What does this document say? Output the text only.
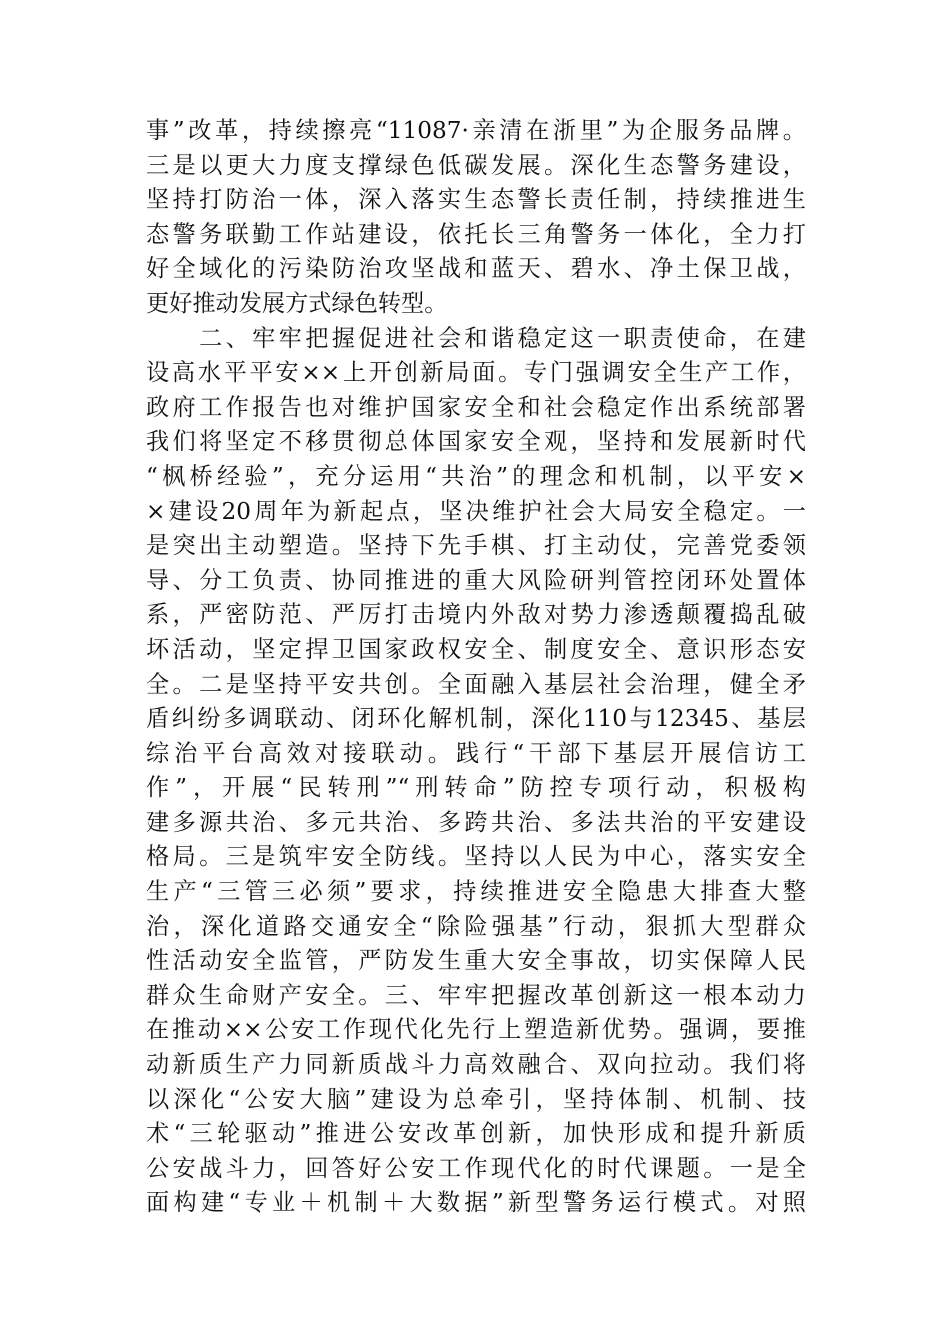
事”改革，持续擦亮“11087·亲清在浙里”为企服务品牌。
三是以更大力度支撑绿色低碳发展。深化生态警务建设，
坚持打防治一体，深入落实生态警长责任制，持续推进生
态警务联勤工作站建设，依托长三角警务一体化，全力打
好全域化的污染防治攻坚战和蓝天、碧水、净土保卫战，
更好推动发展方式绿色转型。
　　二、牢牢把握促进社会和谐稳定这一职责使命，在建
设高水平平安××上开创新局面。专门强调安全生产工作，
政府工作报告也对维护国家安全和社会稳定作出系统部署
我们将坚定不移贯彻总体国家安全观，坚持和发展新时代
“枫桥经验”，充分运用“共治”的理念和机制，以平安×
×建设20周年为新起点，坚决维护社会大局安全稳定。一
是突出主动塑造。坚持下先手棋、打主动仗，完善党委领
导、分工负责、协同推进的重大风险研判管控闭环处置体
系，严密防范、严厉打击境内外敌对势力渗透颠覆捣乱破
坏活动，坚定捍卫国家政权安全、制度安全、意识形态安
全。二是坚持平安共创。全面融入基层社会治理，健全矛
盾纠纷多调联动、闭环化解机制，深化110与12345、基层
综治平台高效对接联动。践行“干部下基层开展信访工
作”，开展“民转刑”“刑转命”防控专项行动，积极构
建多源共治、多元共治、多跨共治、多法共治的平安建设
格局。三是筑牢安全防线。坚持以人民为中心，落实安全
生产“三管三必须”要求，持续推进安全隐患大排查大整
治，深化道路交通安全“除险强基”行动，狠抓大型群众
性活动安全监管，严防发生重大安全事故，切实保障人民
群众生命财产安全。三、牢牢把握改革创新这一根本动力
在推动××公安工作现代化先行上塑造新优势。强调，要推
动新质生产力同新质战斗力高效融合、双向拉动。我们将
以深化“公安大脑”建设为总牵引，坚持体制、机制、技
术“三轮驱动”推进公安改革创新，加快形成和提升新质
公安战斗力，回答好公安工作现代化的时代课题。一是全
面构建“专业＋机制＋大数据”新型警务运行模式。对照
